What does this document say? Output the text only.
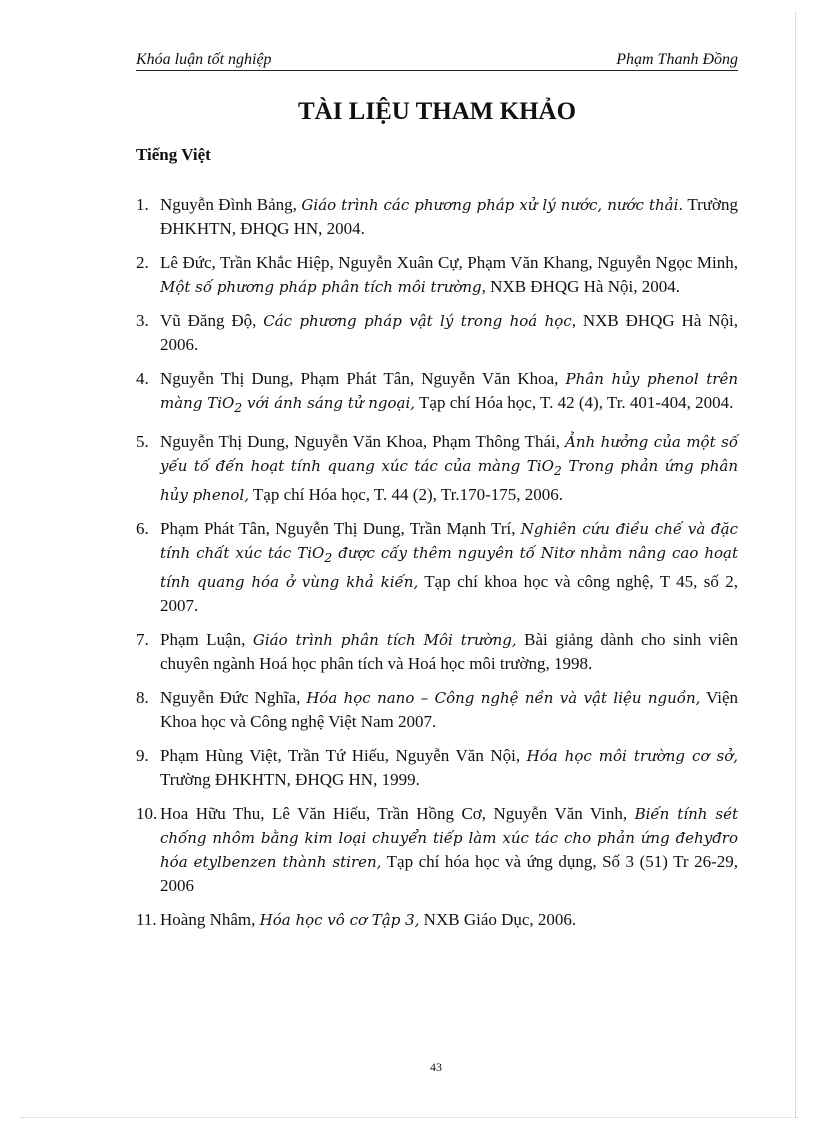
Khóa luận tốt nghiệp	Phạm Thanh Đồng
TÀI LIỆU THAM KHẢO
Tiếng Việt
1. Nguyễn Đình Bảng, Giáo trình các phương pháp xử lý nước, nước thải. Trường ĐHKHTN, ĐHQG HN, 2004.
2. Lê Đức, Trần Khắc Hiệp, Nguyễn Xuân Cự, Phạm Văn Khang, Nguyễn Ngọc Minh, Một số phương pháp phân tích môi trường, NXB ĐHQG Hà Nội, 2004.
3. Vũ Đăng Độ, Các phương pháp vật lý trong hoá học, NXB ĐHQG Hà Nội, 2006.
4. Nguyễn Thị Dung, Phạm Phát Tân, Nguyễn Văn Khoa, Phân hủy phenol trên màng TiO$_2$ với ánh sáng tử ngoại, Tạp chí Hóa học, T. 42 (4), Tr. 401-404, 2004.
5. Nguyễn Thị Dung, Nguyễn Văn Khoa, Phạm Thông Thái, Ảnh hưởng của một số yếu tố đến hoạt tính quang xúc tác của màng TiO$_2$ Trong phản ứng phân hủy phenol, Tạp chí Hóa học, T. 44 (2), Tr.170-175, 2006.
6. Phạm Phát Tân, Nguyễn Thị Dung, Trần Mạnh Trí, Nghiên cứu điều chế và đặc tính chất xúc tác TiO$_2$ được cấy thêm nguyên tố Nitơ nhằm nâng cao hoạt tính quang hóa ở vùng khả kiến, Tạp chí khoa học và công nghệ, T 45, số 2, 2007.
7. Phạm Luận, Giáo trình phân tích Môi trường, Bài giảng dành cho sinh viên chuyên ngành Hoá học phân tích và Hoá học môi trường, 1998.
8. Nguyễn Đức Nghĩa, Hóa học nano – Công nghệ nền và vật liệu nguồn, Viện Khoa học và Công nghệ Việt Nam 2007.
9. Phạm Hùng Việt, Trần Tứ Hiếu, Nguyễn Văn Nội, Hóa học môi trường cơ sở, Trường ĐHKHTN, ĐHQG HN, 1999.
10. Hoa Hữu Thu, Lê Văn Hiếu, Trần Hồng Cơ, Nguyễn Văn Vinh, Biến tính sét chống nhôm bằng kim loại chuyển tiếp làm xúc tác cho phản ứng đehyđro hóa etylbenzen thành stiren, Tạp chí hóa học và ứng dụng, Số 3 (51) Tr 26-29, 2006
11. Hoàng Nhâm, Hóa học vô cơ Tập 3, NXB Giáo Dục, 2006.
43
